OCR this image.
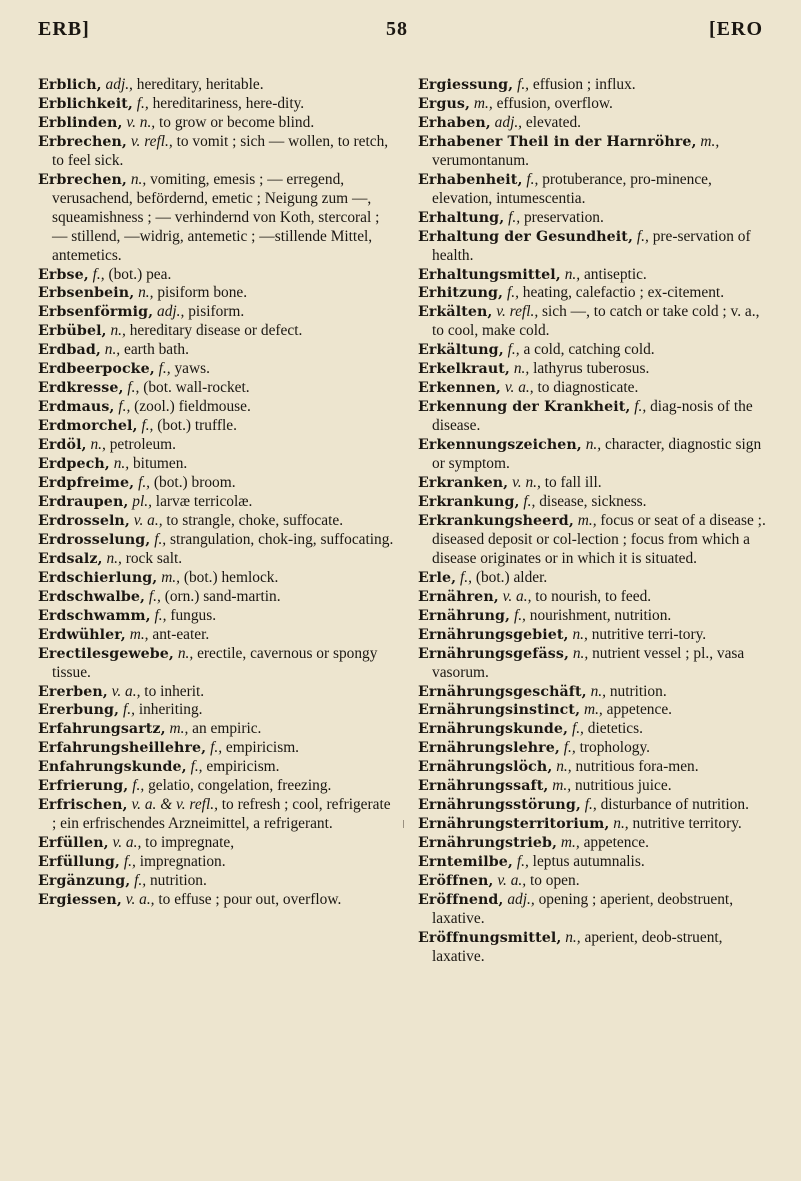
ERB]	58	[ERO

Erblich, adj., hereditary, heritable.

Erblichkeit, f., hereditariness, here-dity.

Erblinden, v. n., to grow or become blind.

Erbrechen, v. refl., to vomit ; sich — wollen, to retch, to feel sick.

Erbrechen, n., vomiting, emesis ; — erregend, verusachend, befördernd, emetic ; Neigung zum —, squeamishness ; — verhindernd von Koth, stercoral ; — stillend, —widrig, antemetic ; —stillende Mittel, antemetics.

Erbse, f., (bot.) pea.

Erbsenbein, n., pisiform bone.

Erbsenförmig, adj., pisiform.

Erbübel, n., hereditary disease or defect.

Erdbad, n., earth bath.

Erdbeerpocke, f., yaws.

Erdkresse, f., (bot. wall-rocket.

Erdmaus, f., (zool.) fieldmouse.

Erdmorchel, f., (bot.) truffle.

Erdöl, n., petroleum.

Erdpech, n., bitumen.

Erdpfreime, f., (bot.) broom.

Erdraupen, pl., larvæ terricolæ.

Erdrosseln, v. a., to strangle, choke, suffocate.

Erdrosselung, f., strangulation, chok-ing, suffocating.

Erdsalz, n., rock salt.

Erdschierlung, m., (bot.) hemlock.

Erdschwalbe, f., (orn.) sand-martin.

Erdschwamm, f., fungus.

Erdwühler, m., ant-eater.

Erectilesgewebe, n., erectile, cavernous or spongy tissue.

Ererben, v. a., to inherit.

Ererbung, f., inheriting.

Erfahrungsartz, m., an empiric.

Erfahrungsheillehre, f., empiricism.

Enfahrungskunde, f., empiricism.

Erfrierung, f., gelatio, congelation, freezing.

Erfrischen, v. a. & v. refl., to refresh ; cool, refrigerate ; ein erfrischendes Arzneimittel, a refrigerant.

Erfüllen, v. a., to impregnate,

Erfüllung, f., impregnation.

Ergänzung, f., nutrition.

Ergiessen, v. a., to effuse ; pour out, overflow.

Ergiessung, f., effusion ; influx.

Ergus, m., effusion, overflow.

Erhaben, adj., elevated.

Erhabener Theil in der Harnröhre, m., verumontanum.

Erhabenheit, f., protuberance, pro-minence, elevation, intumescentia.

Erhaltung, f., preservation.

Erhaltung der Gesundheit, f., pre-servation of health.

Erhaltungsmittel, n., antiseptic.

Erhitzung, f., heating, calefactio ; ex-citement.

Erkälten, v. refl., sich —, to catch or take cold ; v. a., to cool, make cold.

Erkältung, f., a cold, catching cold.

Erkelkraut, n., lathyrus tuberosus.

Erkennen, v. a., to diagnosticate.

Erkennung der Krankheit, f., diag-nosis of the disease.

Erkennungszeichen, n., character, diagnostic sign or symptom.

Erkranken, v. n., to fall ill.

Erkrankung, f., disease, sickness.

Erkrankungsheerd, m., focus or seat of a disease ;. diseased deposit or col-lection ; focus from which a disease originates or in which it is situated.

Erle, f., (bot.) alder.

Ernähren, v. a., to nourish, to feed.

Ernährung, f., nourishment, nutrition.

Ernährungsgebiet, n., nutritive terri-tory.

Ernährungsgefäss, n., nutrient vessel ; pl., vasa vasorum.

Ernährungsgeschäft, n., nutrition.

Ernährungsinstinct, m., appetence.

Ernährungskunde, f., dietetics.

Ernährungslehre, f., trophology.

Ernährungslöch, n., nutritious fora-men.

Ernährungssaft, m., nutritious juice.

Ernährungsstörung, f., disturbance of nutrition.

Ernährungsterritorium, n., nutritive territory.

Ernährungstrieb, m., appetence.

Erntemilbe, f., leptus autumnalis.

Eröffnen, v. a., to open.

Eröffnend, adj., opening ; aperient, deobstruent, laxative.

Eröffnungsmittel, n., aperient, deob-struent, laxative.
